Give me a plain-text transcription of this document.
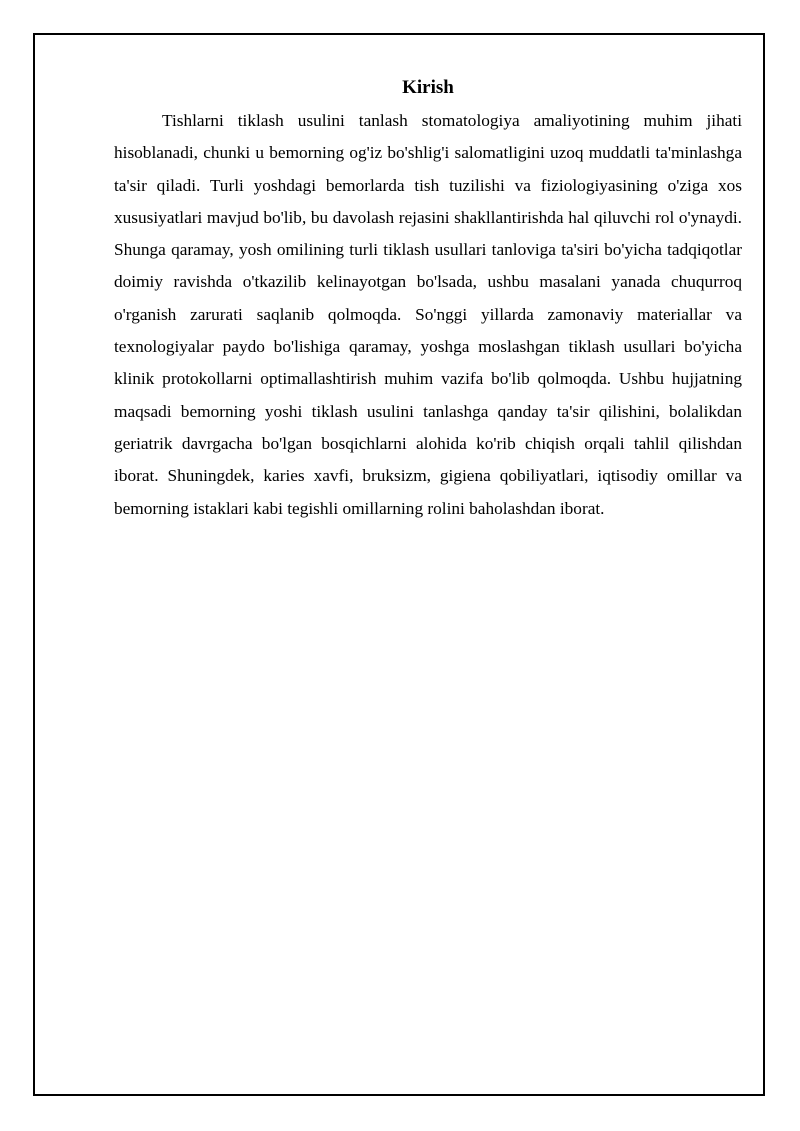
Kirish

Tishlarni tiklash usulini tanlash stomatologiya amaliyotining muhim jihati hisoblanadi, chunki u bemorning og'iz bo'shlig'i salomatligini uzoq muddatli ta'minlashga ta'sir qiladi. Turli yoshdagi bemorlarda tish tuzilishi va fiziologiyasining o'ziga xos xususiyatlari mavjud bo'lib, bu davolash rejasini shakllantirishda hal qiluvchi rol o'ynaydi. Shunga qaramay, yosh omilining turli tiklash usullari tanloviga ta'siri bo'yicha tadqiqotlar doimiy ravishda o'tkazilib kelinayotgan bo'lsada, ushbu masalani yanada chuqurroq o'rganish zarurati saqlanib qolmoqda. So'nggi yillarda zamonaviy materiallar va texnologiyalar paydo bo'lishiga qaramay, yoshga moslashgan tiklash usullari bo'yicha klinik protokollarni optimallashtirish muhim vazifa bo'lib qolmoqda. Ushbu hujjatning maqsadi bemorning yoshi tiklash usulini tanlashga qanday ta'sir qilishini, bolalikdan geriatrik davrgacha bo'lgan bosqichlarni alohida ko'rib chiqish orqali tahlil qilishdan iborat. Shuningdek, karies xavfi, bruksizm, gigiena qobiliyatlari, iqtisodiy omillar va bemorning istaklari kabi tegishli omillarning rolini baholashdan iborat.
